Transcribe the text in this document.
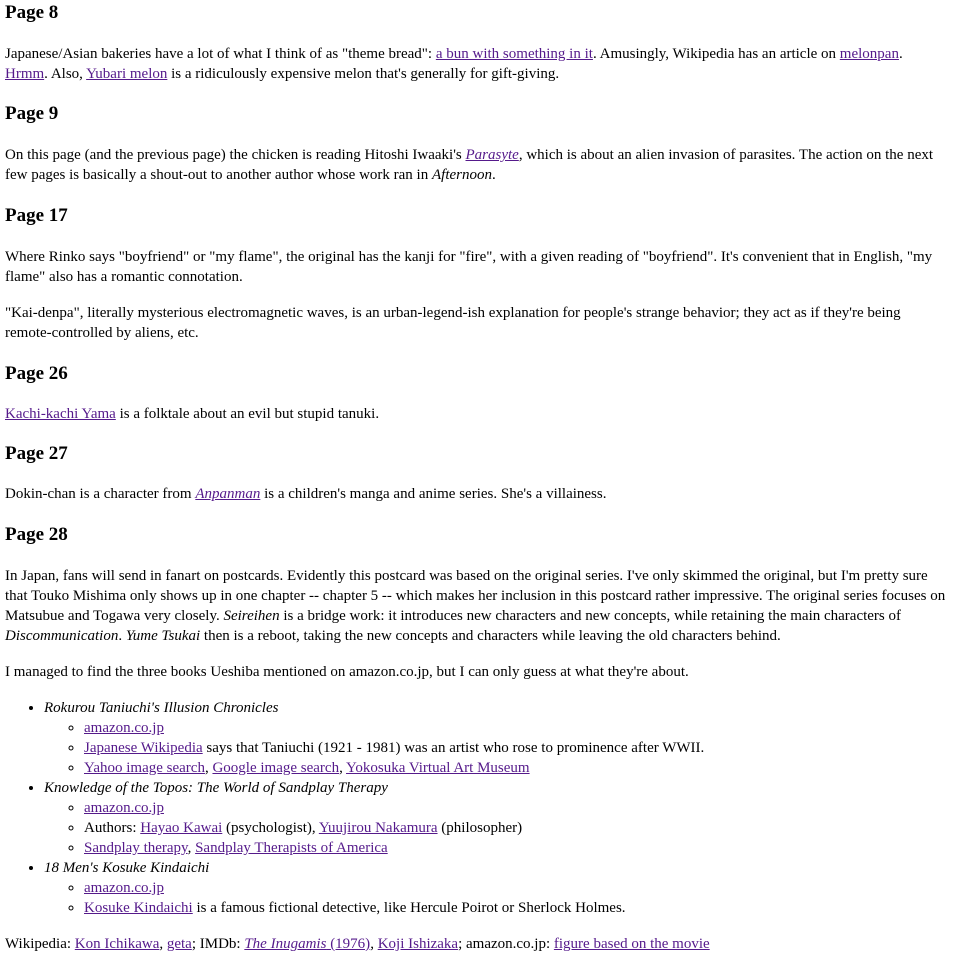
Page 8

Japanese/Asian bakeries have a lot of what I think of as "theme bread": a bun with something in it. Amusingly, Wikipedia has an article on melonpan. Hrmm. Also, Yubari melon is a ridiculously expensive melon that's generally for gift-giving.

Page 9

On this page (and the previous page) the chicken is reading Hitoshi Iwaaki's Parasyte, which is about an alien invasion of parasites. The action on the next few pages is basically a shout-out to another author whose work ran in Afternoon.

Page 17

Where Rinko says "boyfriend" or "my flame", the original has the kanji for "fire", with a given reading of "boyfriend". It's convenient that in English, "my flame" also has a romantic connotation.

"Kai-denpa", literally mysterious electromagnetic waves, is an urban-legend-ish explanation for people's strange behavior; they act as if they're being remote-controlled by aliens, etc.

Page 26

Kachi-kachi Yama is a folktale about an evil but stupid tanuki.

Page 27

Dokin-chan is a character from Anpanman is a children's manga and anime series. She's a villainess.

Page 28

In Japan, fans will send in fanart on postcards. Evidently this postcard was based on the original series. I've only skimmed the original, but I'm pretty sure that Touko Mishima only shows up in one chapter -- chapter 5 -- which makes her inclusion in this postcard rather impressive. The original series focuses on Matsubue and Togawa very closely. Seireihen is a bridge work: it introduces new characters and new concepts, while retaining the main characters of Discommunication. Yume Tsukai then is a reboot, taking the new concepts and characters while leaving the old characters behind.

I managed to find the three books Ueshiba mentioned on amazon.co.jp, but I can only guess at what they're about.

• Rokurou Taniuchi's Illusion Chronicles
◦ amazon.co.jp
◦ Japanese Wikipedia says that Taniuchi (1921 - 1981) was an artist who rose to prominence after WWII.
◦ Yahoo image search, Google image search, Yokosuka Virtual Art Museum
• Knowledge of the Topos: The World of Sandplay Therapy
◦ amazon.co.jp
◦ Authors: Hayao Kawai (psychologist), Yuujirou Nakamura (philosopher)
◦ Sandplay therapy, Sandplay Therapists of America
• 18 Men's Kosuke Kindaichi
◦ amazon.co.jp
◦ Kosuke Kindaichi is a famous fictional detective, like Hercule Poirot or Sherlock Holmes.

Wikipedia: Kon Ichikawa, geta; IMDb: The Inugamis (1976), Koji Ishizaka; amazon.co.jp: figure based on the movie
